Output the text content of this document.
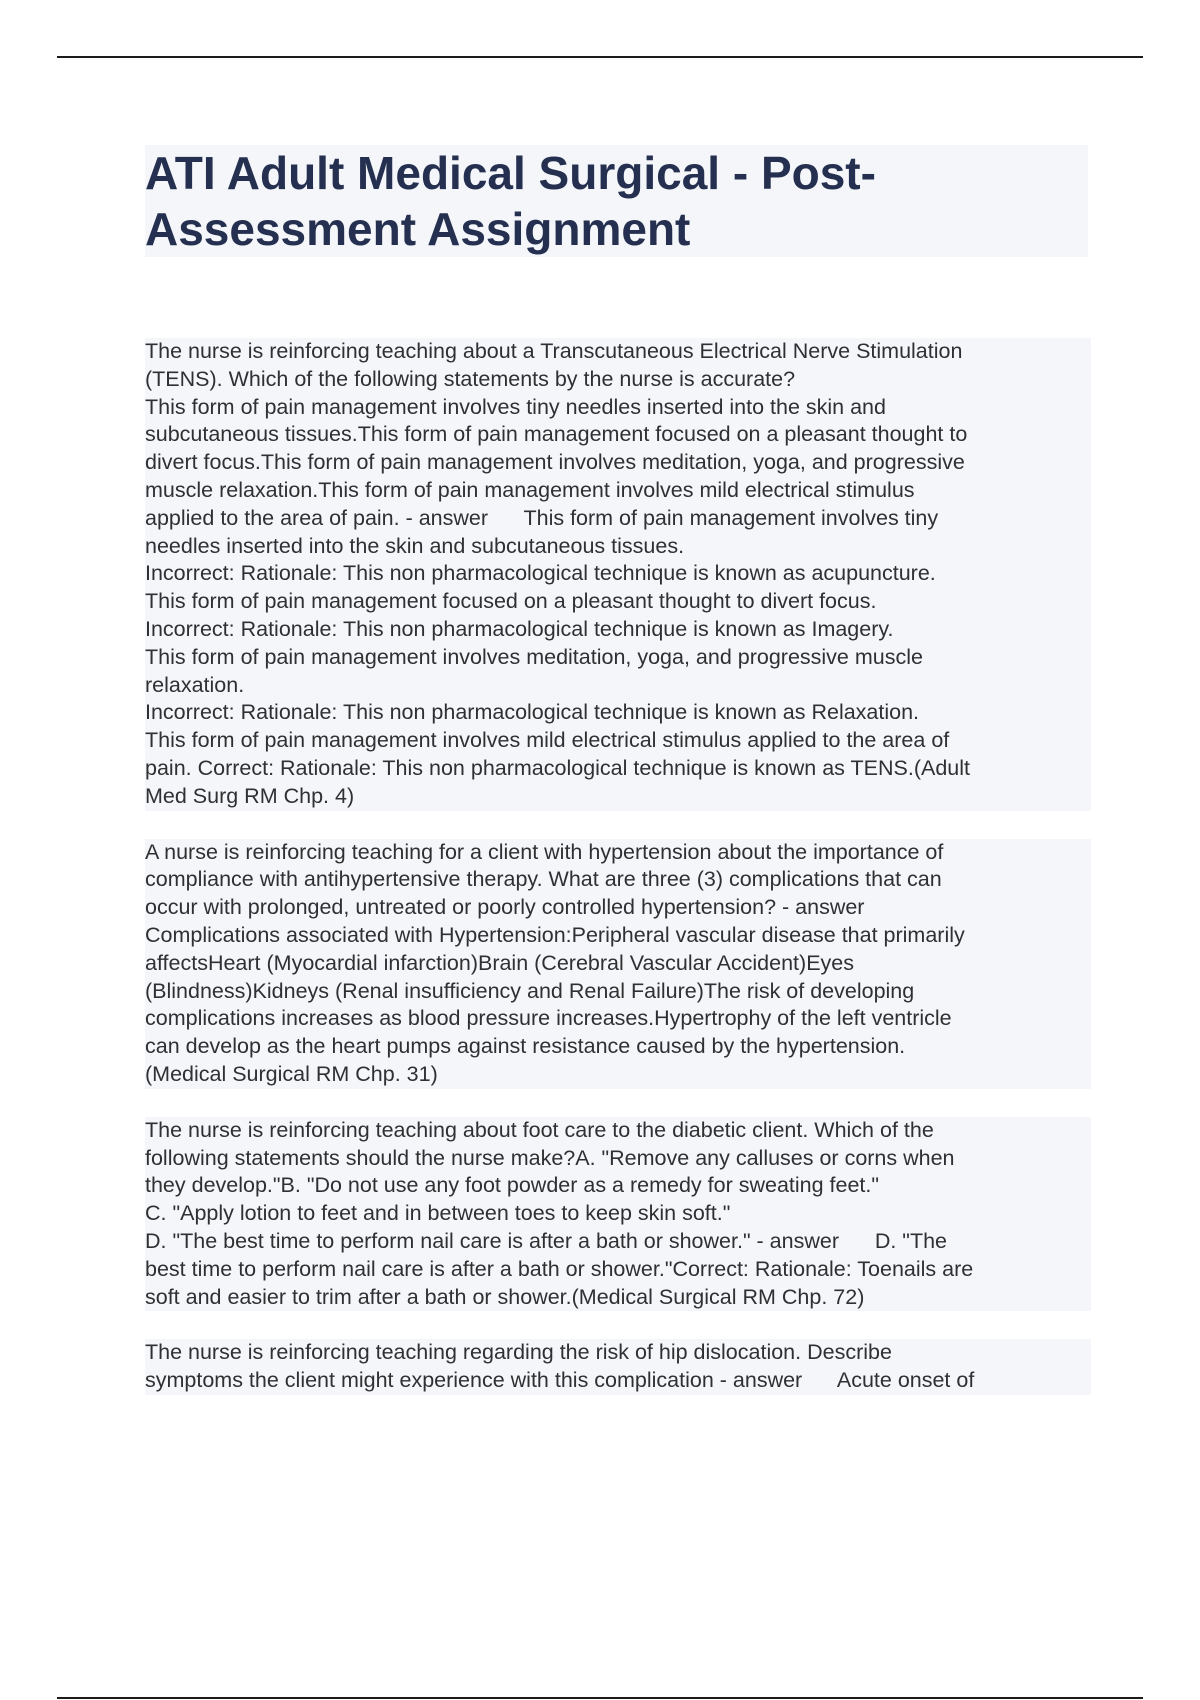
ATI Adult Medical Surgical - Post-
Assessment Assignment
The nurse is reinforcing teaching about a Transcutaneous Electrical Nerve Stimulation
(TENS). Which of the following statements by the nurse is accurate?
This form of pain management involves tiny needles inserted into the skin and
subcutaneous tissues.This form of pain management focused on a pleasant thought to
divert focus.This form of pain management involves meditation, yoga, and progressive
muscle relaxation.This form of pain management involves mild electrical stimulus
applied to the area of pain. - answer      This form of pain management involves tiny
needles inserted into the skin and subcutaneous tissues.
Incorrect: Rationale: This non pharmacological technique is known as acupuncture.
This form of pain management focused on a pleasant thought to divert focus.
Incorrect: Rationale: This non pharmacological technique is known as Imagery.
This form of pain management involves meditation, yoga, and progressive muscle
relaxation.
Incorrect: Rationale: This non pharmacological technique is known as Relaxation.
This form of pain management involves mild electrical stimulus applied to the area of
pain. Correct: Rationale: This non pharmacological technique is known as TENS.(Adult
Med Surg RM Chp. 4)
A nurse is reinforcing teaching for a client with hypertension about the importance of
compliance with antihypertensive therapy. What are three (3) complications that can
occur with prolonged, untreated or poorly controlled hypertension? - answer
Complications associated with Hypertension:Peripheral vascular disease that primarily
affectsHeart (Myocardial infarction)Brain (Cerebral Vascular Accident)Eyes
(Blindness)Kidneys (Renal insufficiency and Renal Failure)The risk of developing
complications increases as blood pressure increases.Hypertrophy of the left ventricle
can develop as the heart pumps against resistance caused by the hypertension.
(Medical Surgical RM Chp. 31)
The nurse is reinforcing teaching about foot care to the diabetic client. Which of the
following statements should the nurse make?A. "Remove any calluses or corns when
they develop."B. "Do not use any foot powder as a remedy for sweating feet."
C. "Apply lotion to feet and in between toes to keep skin soft."
D. "The best time to perform nail care is after a bath or shower." - answer      D. "The
best time to perform nail care is after a bath or shower."Correct: Rationale: Toenails are
soft and easier to trim after a bath or shower.(Medical Surgical RM Chp. 72)
The nurse is reinforcing teaching regarding the risk of hip dislocation. Describe
symptoms the client might experience with this complication - answer      Acute onset of
